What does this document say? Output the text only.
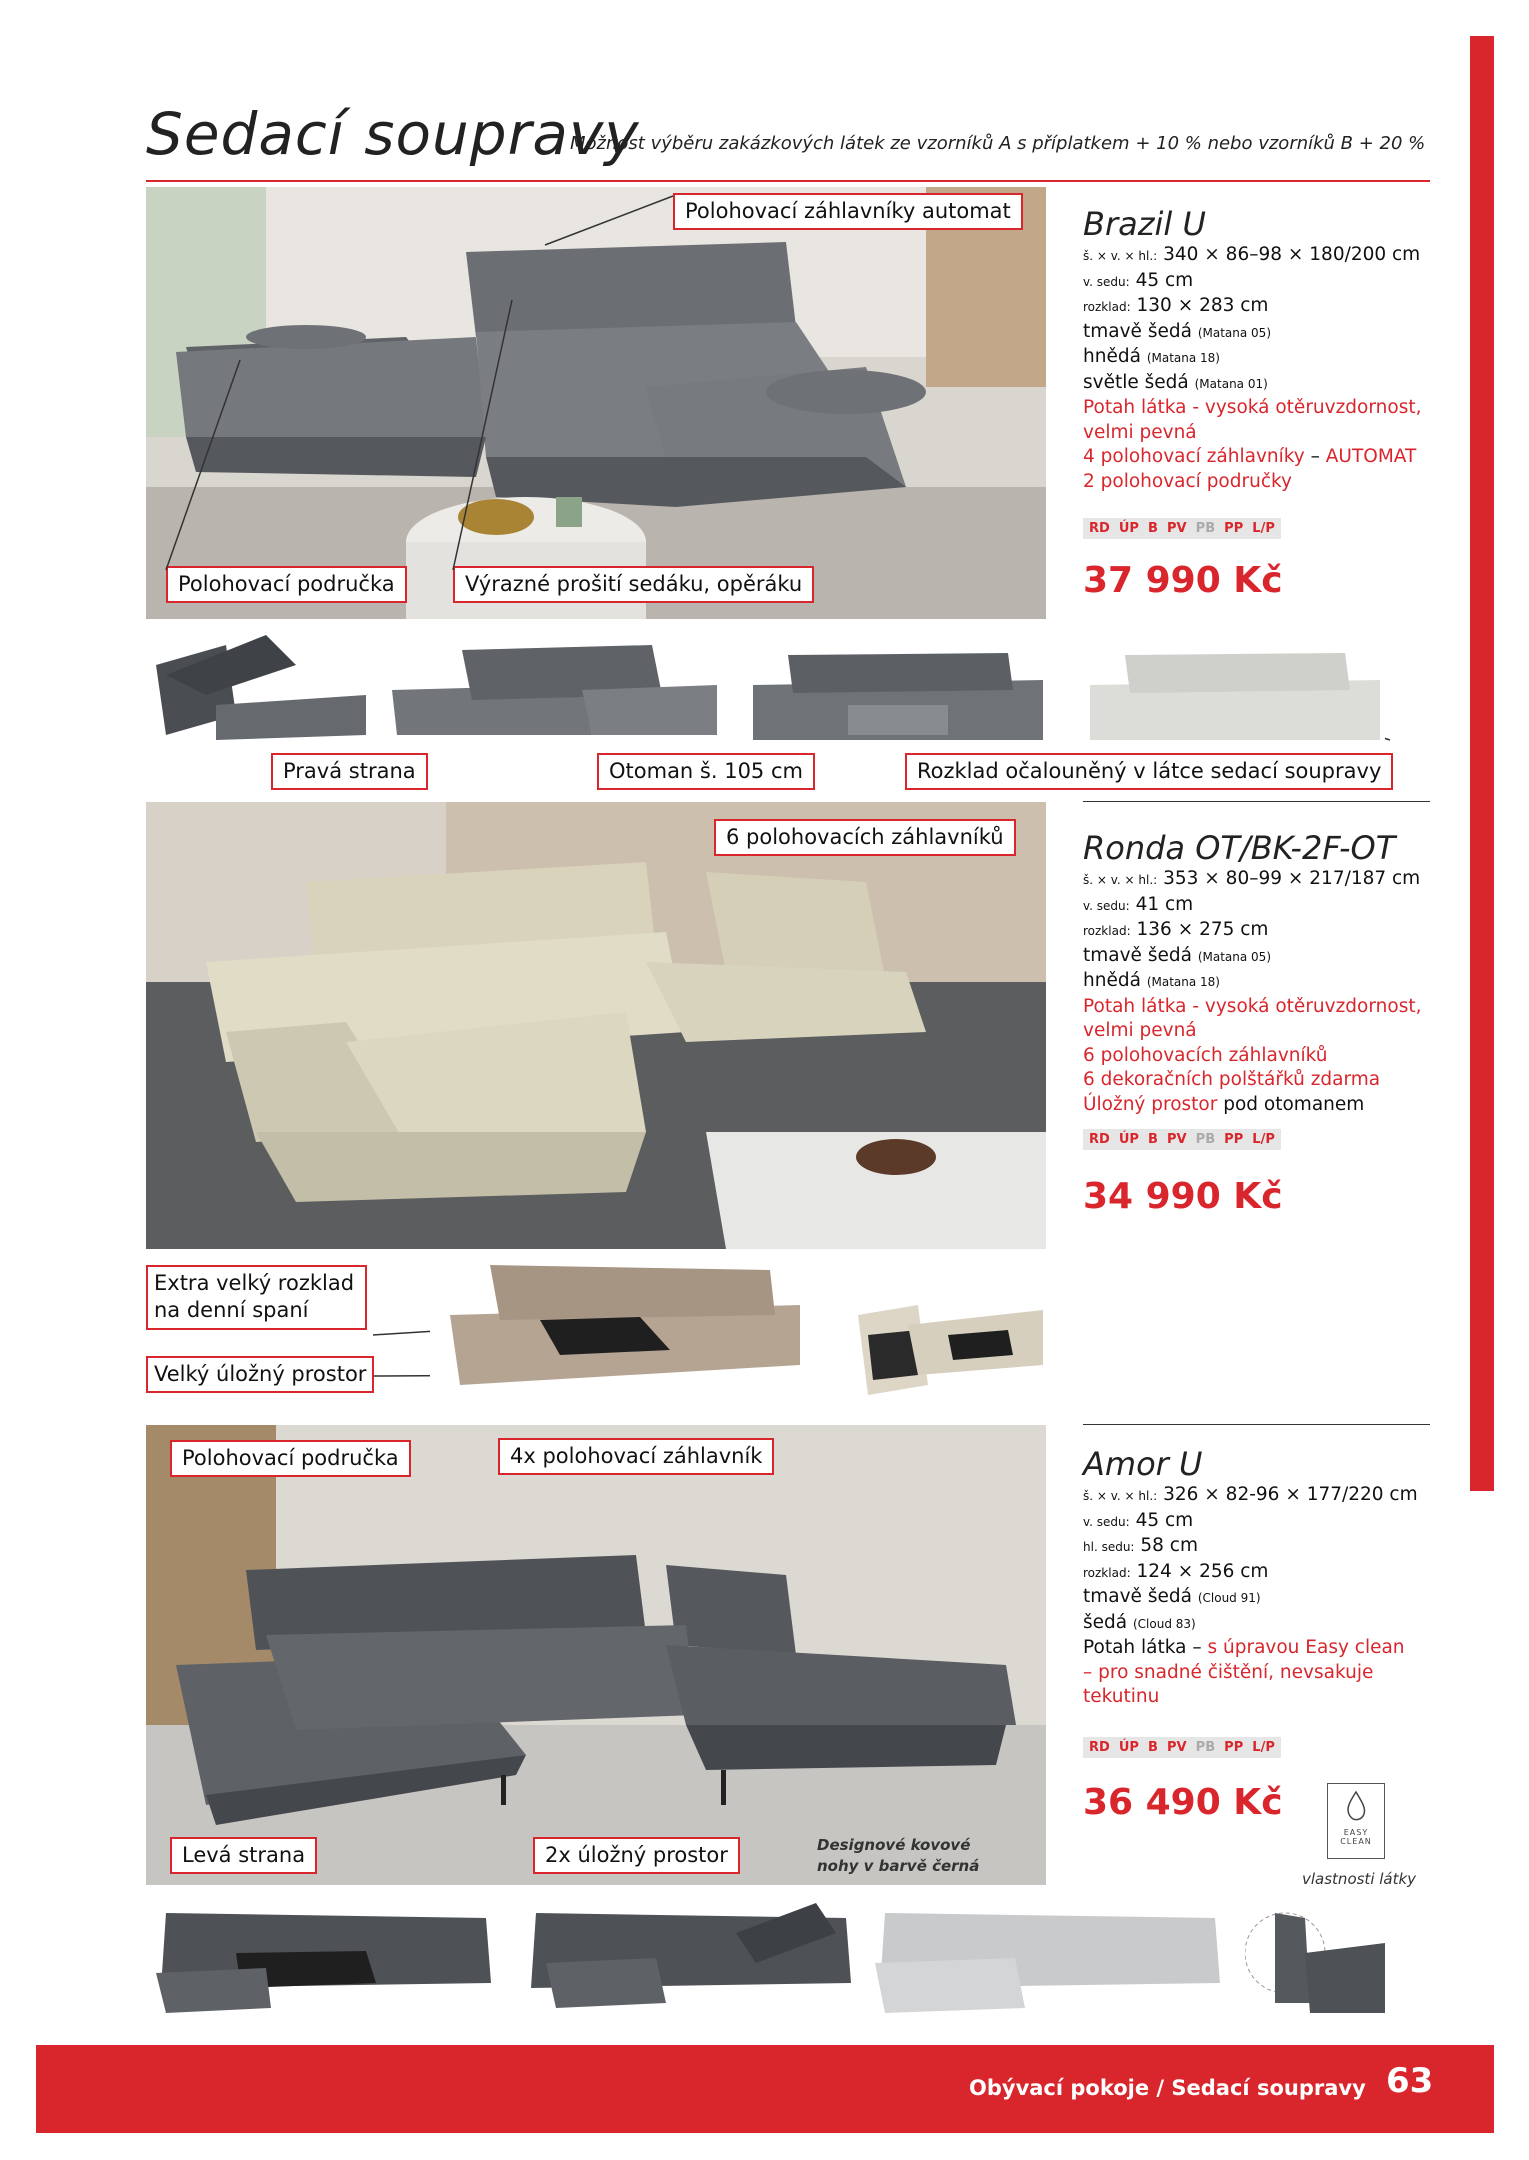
Sedací soupravy
Možnost výběru zakázkových látek ze vzorníků A s příplatkem + 10 % nebo vzorníků B + 20 %
Polohovací záhlavníky automat
Polohovací područka	Výrazné prošití sedáku, opěráku
Brazil U
š. × v. × hl.: 340 × 86–98 × 180/200 cm
v. sedu: 45 cm
rozklad: 130 × 283 cm
tmavě šedá (Matana 05)
hnědá (Matana 18)
světle šedá (Matana 01)
Potah látka - vysoká otěruvzdornost,
velmi pevná
4 polohovací záhlavníky – AUTOMAT
2 polohovací područky
RD ÚP B PV PB PP L/P
37 990 Kč
Pravá strana	Otoman š. 105 cm	Rozklad očalouněný v látce sedací soupravy
6 polohovacích záhlavníků	Ronda OT/BK-2F-OT
š. × v. × hl.: 353 × 80–99 × 217/187 cm
v. sedu: 41 cm
rozklad: 136 × 275 cm
tmavě šedá (Matana 05)
hnědá (Matana 18)
Potah látka - vysoká otěruvzdornost,
velmi pevná
6 polohovacích záhlavníků
6 dekoračních polštářků zdarma
Úložný prostor pod otomanem
RD ÚP B PV PB PP L/P
34 990 Kč
Extra velký rozklad
na denní spaní
Velký úložný prostor
Polohovací područka	4x polohovací záhlavník
Levá strana	2x úložný prostor	Designové kovové
nohy v barvě černá
Amor U
š. × v. × hl.: 326 × 82-96 × 177/220 cm
v. sedu: 45 cm
hl. sedu: 58 cm
rozklad: 124 × 256 cm
tmavě šedá (Cloud 91)
šedá (Cloud 83)
Potah látka – s úpravou Easy clean
– pro snadné čištění, nevsakuje
tekutinu
RD ÚP B PV PB PP L/P
36 490 Kč
EASY
CLEAN
vlastnosti látky
Obývací pokoje / Sedací soupravy 63
